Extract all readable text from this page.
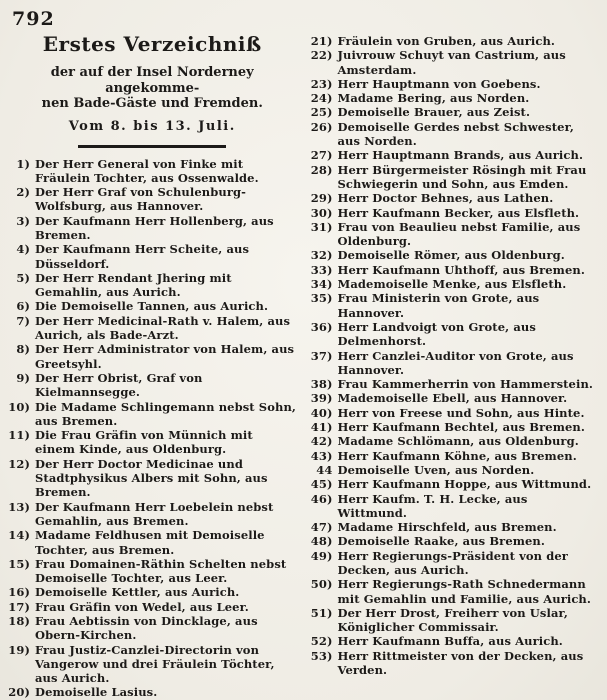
792
Erstes Verzeichniß
der auf der Insel Norderney angekomme-
nen Bade-Gäste und Fremden.
Vom 8. bis 13. Juli.
1) Der Herr General von Finke mit Fräulein Tochter, aus Ossenwalde.
2) Der Herr Graf von Schulenburg-Wolfsburg, aus Hannover.
3) Der Kaufmann Herr Hollenberg, aus Bremen.
4) Der Kaufmann Herr Scheite, aus Düsseldorf.
5) Der Herr Rendant Jhering mit Gemahlin, aus Aurich.
6) Die Demoiselle Tannen, aus Aurich.
7) Der Herr Medicinal-Rath v. Halem, aus Aurich, als Bade-Arzt.
8) Der Herr Administrator von Halem, aus Greetsyhl.
9) Der Herr Obrist, Graf von Kielmannsegge.
10) Die Madame Schlingemann nebst Sohn, aus Bremen.
11) Die Frau Gräfin von Münnich mit einem Kinde, aus Oldenburg.
12) Der Herr Doctor Medicinae und Stadtphysikus Albers mit Sohn, aus Bremen.
13) Der Kaufmann Herr Loebelein nebst Gemahlin, aus Bremen.
14) Madame Feldhusen mit Demoiselle Tochter, aus Bremen.
15) Frau Domainen-Räthin Schelten nebst Demoiselle Tochter, aus Leer.
16) Demoiselle Kettler, aus Aurich.
17) Frau Gräfin von Wedel, aus Leer.
18) Frau Aebtissin von Dincklage, aus Obern-Kirchen.
19) Frau Justiz-Canzlei-Directorin von Vangerow und drei Fräulein Töchter, aus Aurich.
20) Demoiselle Lasius.
21) Fräulein von Gruben, aus Aurich.
22) Juivrouw Schuyt van Castrium, aus Amsterdam.
23) Herr Hauptmann von Goebens.
24) Madame Bering, aus Norden.
25) Demoiselle Brauer, aus Zeist.
26) Demoiselle Gerdes nebst Schwester, aus Norden.
27) Herr Hauptmann Brands, aus Aurich.
28) Herr Bürgermeister Rösingh mit Frau Schwiegerin und Sohn, aus Emden.
29) Herr Doctor Behnes, aus Lathen.
30) Herr Kaufmann Becker, aus Elsfleth.
31) Frau von Beaulieu nebst Familie, aus Oldenburg.
32) Demoiselle Römer, aus Oldenburg.
33) Herr Kaufmann Uhthoff, aus Bremen.
34) Mademoiselle Menke, aus Elsfleth.
35) Frau Ministerin von Grote, aus Hannover.
36) Herr Landvoigt von Grote, aus Delmenhorst.
37) Herr Canzlei-Auditor von Grote, aus Hannover.
38) Frau Kammerherrin von Hammerstein.
39) Mademoiselle Ebell, aus Hannover.
40) Herr von Freese und Sohn, aus Hinte.
41) Herr Kaufmann Bechtel, aus Bremen.
42) Madame Schlömann, aus Oldenburg.
43) Herr Kaufmann Köhne, aus Bremen.
44 Demoiselle Uven, aus Norden.
45) Herr Kaufmann Hoppe, aus Wittmund.
46) Herr Kaufm. T. H. Lecke, aus Wittmund.
47) Madame Hirschfeld, aus Bremen.
48) Demoiselle Raake, aus Bremen.
49) Herr Regierungs-Präsident von der Decken, aus Aurich.
50) Herr Regierungs-Rath Schnedermann mit Gemahlin und Familie, aus Aurich.
51) Der Herr Drost, Freiherr von Uslar, Königlicher Commissair.
52) Herr Kaufmann Buffa, aus Aurich.
53) Herr Rittmeister von der Decken, aus Verden.
